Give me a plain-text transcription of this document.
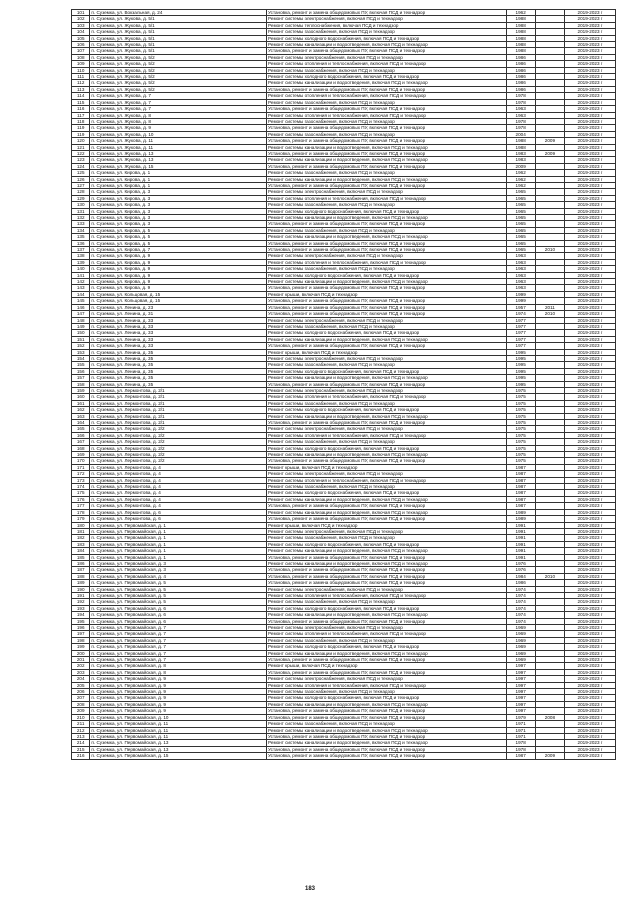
101	п. Суземка, ул. Вокзальная, д. 24	Установка, ремонт и замена общедомовых ПУ, включая ПСД и технадзор	1962		2019-2023 г
102	п. Суземка, ул. Жукова, д. 5/1	Ремонт системы электроснабжения, включая ПСД и технадзор	1988		2019-2023 г
103	п. Суземка, ул. Жукова, д. 5/1	Ремонт системы теплоснабжения, включая ПСД и технадзор	1988		2019-2023 г
104	п. Суземка, ул. Жукова, д. 5/1	Ремонт системы газоснабжения, включая ПСД и технадзор	1988		2019-2023 г
105	п. Суземка, ул. Жукова, д. 5/1	Ремонт системы холодного водоснабжения, включая ПСД и технадзор	1988		2019-2023 г
106	п. Суземка, ул. Жукова, д. 5/1	Ремонт системы канализации и водоотведения, включая ПСД и технадзор	1988		2019-2023 г
107	п. Суземка, ул. Жукова, д. 5/1	Установка, ремонт и замена общедомовых ПУ, включая ПСД и технадзор	1988		2019-2023 г
108	п. Суземка, ул. Жукова, д. 5/2	Ремонт системы электроснабжения, включая ПСД и технадзор	1986		2019-2023 г
109	п. Суземка, ул. Жукова, д. 5/2	Ремонт системы отопления и теплоснабжения, включая ПСД и технадзор	1986		2019-2023 г
110	п. Суземка, ул. Жукова, д. 5/2	Ремонт системы газоснабжения, включая ПСД и технадзор	1986		2019-2023 г
111	п. Суземка, ул. Жукова, д. 5/2	Ремонт системы холодного водоснабжения, включая ПСД и технадзор	1986		2019-2023 г
112	п. Суземка, ул. Жукова, д. 5/2	Ремонт системы канализации и водоотведения, включая ПСД и технадзор	1986		2019-2023 г
113	п. Суземка, ул. Жукова, д. 5/2	Установка, ремонт и замена общедомовых ПУ, включая ПСД и технадзор	1986		2019-2023 г
114	п. Суземка, ул. Жукова, д. 7	Ремонт системы отопления и теплоснабжения, включая ПСД и технадзор	1978		2019-2023 г
115	п. Суземка, ул. Жукова, д. 7	Ремонт системы газоснабжения, включая ПСД и технадзор	1978		2019-2023 г
116	п. Суземка, ул. Жукова, д. 7	Установка, ремонт и замена общедомовых ПУ, включая ПСД и технадзор	1963		2019-2023 г
117	п. Суземка, ул. Жукова, д. 8	Ремонт системы отопления и теплоснабжения, включая ПСД и технадзор	1963		2019-2023 г
118	п. Суземка, ул. Жукова, д. 8	Ремонт системы газоснабжения, включая ПСД и технадзор	1978		2019-2023 г
119	п. Суземка, ул. Жукова, д. 9	Установка, ремонт и замена общедомовых ПУ, включая ПСД и технадзор	1978		2019-2023 г
119	п. Суземка, ул. Жукова, д. 10	Ремонт системы газоснабжения, включая ПСД и технадзор	2004		2019-2023 г
120	п. Суземка, ул. Жукова, д. 11	Установка, ремонт и замена общедомовых ПУ, включая ПСД и технадзор	1988	2009	2019-2023 г
121	п. Суземка, ул. Жукова, д. 11	Ремонт системы канализации и водоотведения, включая ПСД и технадзор	1988		2019-2023 г
122	п. Суземка, ул. Жукова, д. 13	Установка, ремонт и замена общедомовых ПУ, включая ПСД и технадзор	1983	2009	2019-2023 г
123	п. Суземка, ул. Жукова, д. 13	Ремонт системы канализации и водоотведения, включая ПСД и технадзор	1983		2019-2023 г
124	п. Суземка, ул. Жукова, д. 15	Установка, ремонт и замена общедомовых ПУ, включая ПСД и технадзор	2009		2019-2023 г
125	п. Суземка, ул. Кирова, д. 1	Ремонт системы газоснабжения, включая ПСД и технадзор	1962		2019-2023 г
126	п. Суземка, ул. Кирова, д. 1	Ремонт системы канализации и водоотведения, включая ПСД и технадзор	1962		2019-2023 г
127	п. Суземка, ул. Кирова, д. 1	Установка, ремонт и замена общедомовых ПУ, включая ПСД и технадзор	1962		2019-2023 г
128	п. Суземка, ул. Кирова, д. 3	Ремонт системы электроснабжения, включая ПСД и технадзор	1965		2019-2023 г
129	п. Суземка, ул. Кирова, д. 3	Ремонт системы отопления и теплоснабжения, включая ПСД и технадзор	1965		2019-2023 г
130	п. Суземка, ул. Кирова, д. 3	Ремонт системы газоснабжения, включая ПСД и технадзор	1965		2019-2023 г
131	п. Суземка, ул. Кирова, д. 3	Ремонт системы холодного водоснабжения, включая ПСД и технадзор	1965		2019-2023 г
132	п. Суземка, ул. Кирова, д. 3	Ремонт системы канализации и водоотведения, включая ПСД и технадзор	1965		2019-2023 г
133	п. Суземка, ул. Кирова, д. 3	Установка, ремонт и замена общедомовых ПУ, включая ПСД и технадзор	1965		2019-2023 г
134	п. Суземка, ул. Кирова, д. 5	Ремонт системы газоснабжения, включая ПСД и технадзор	1965		2019-2023 г
135	п. Суземка, ул. Кирова, д. 5	Ремонт системы канализации и водоотведения, включая ПСД и технадзор	1965		2019-2023 г
136	п. Суземка, ул. Кирова, д. 5	Установка, ремонт и замена общедомовых ПУ, включая ПСД и технадзор	1965		2019-2023 г
137	п. Суземка, ул. Кирова, д. 7	Установка, ремонт и замена общедомовых ПУ, включая ПСД и технадзор	1965	2010	2019-2023 г
138	п. Суземка, ул. Кирова, д. 9	Ремонт системы электроснабжения, включая ПСД и технадзор	1963		2019-2023 г
139	п. Суземка, ул. Кирова, д. 9	Ремонт системы отопления и теплоснабжения, включая ПСД и технадзор	1963		2019-2023 г
140	п. Суземка, ул. Кирова, д. 9	Ремонт системы газоснабжения, включая ПСД и технадзор	1963		2019-2023 г
141	п. Суземка, ул. Кирова, д. 9	Ремонт системы холодного водоснабжения, включая ПСД и технадзор	1963		2019-2023 г
142	п. Суземка, ул. Кирова, д. 9	Ремонт системы канализации и водоотведения, включая ПСД и технадзор	1963		2019-2023 г
143	п. Суземка, ул. Кирова, д. 9	Установка, ремонт и замена общедомовых ПУ, включая ПСД и технадзор	1963		2019-2023 г
144	п. Суземка, ул. Кольцовая, д. 15	Ремонт крыши, включая ПСД и технадзор	1999		2019-2023 г
145	п. Суземка, ул. Кольцовая, д. 15	Установка, ремонт и замена общедомовых ПУ, включая ПСД и технадзор	1999		2019-2023 г
146	п. Суземка, ул. Ленина, д. 23	Установка, ремонт и замена общедомовых ПУ, включая ПСД и технадзор	1957	2011	2019-2023 г
147	п. Суземка, ул. Ленина, д. 31	Установка, ремонт и замена общедомовых ПУ, включая ПСД и технадзор	1974	2010	2019-2023 г
148	п. Суземка, ул. Ленина, д. 33	Ремонт системы электроснабжения, включая ПСД и технадзор	1977		2019-2023 г
149	п. Суземка, ул. Ленина, д. 33	Ремонт системы газоснабжения, включая ПСД и технадзор	1977		2019-2023 г
150	п. Суземка, ул. Ленина, д. 33	Ремонт системы холодного водоснабжения, включая ПСД и технадзор	1977		2019-2023 г
151	п. Суземка, ул. Ленина, д. 33	Ремонт системы канализации и водоотведения, включая ПСД и технадзор	1977		2019-2023 г
152	п. Суземка, ул. Ленина, д. 33	Установка, ремонт и замена общедомовых ПУ, включая ПСД и технадзор	1977		2019-2023 г
153	п. Суземка, ул. Ленина, д. 35	Ремонт крыши, включая ПСД и технадзор	1995		2019-2023 г
154	п. Суземка, ул. Ленина, д. 35	Ремонт системы электроснабжения, включая ПСД и технадзор	1995		2019-2023 г
155	п. Суземка, ул. Ленина, д. 35	Ремонт системы газоснабжения, включая ПСД и технадзор	1995		2019-2023 г
156	п. Суземка, ул. Ленина, д. 35	Ремонт системы холодного водоснабжения, включая ПСД и технадзор	1995		2019-2023 г
157	п. Суземка, ул. Ленина, д. 35	Ремонт системы канализации и водоотведения, включая ПСД и технадзор	1995		2019-2023 г
158	п. Суземка, ул. Ленина, д. 35	Установка, ремонт и замена общедомовых ПУ, включая ПСД и технадзор	1995		2019-2023 г
159	п. Суземка, ул. Лермонтова, д. 2/1	Ремонт системы электроснабжения, включая ПСД и технадзор	1975		2019-2023 г
160	п. Суземка, ул. Лермонтова, д. 2/1	Ремонт системы отопления и теплоснабжения, включая ПСД и технадзор	1975		2019-2023 г
161	п. Суземка, ул. Лермонтова, д. 2/1	Ремонт системы газоснабжения, включая ПСД и технадзор	1975		2019-2023 г
162	п. Суземка, ул. Лермонтова, д. 2/1	Ремонт системы холодного водоснабжения, включая ПСД и технадзор	1975		2019-2023 г
163	п. Суземка, ул. Лермонтова, д. 2/1	Ремонт системы канализации и водоотведения, включая ПСД и технадзор	1975		2019-2023 г
164	п. Суземка, ул. Лермонтова, д. 2/1	Установка, ремонт и замена общедомовых ПУ, включая ПСД и технадзор	1975		2019-2023 г
165	п. Суземка, ул. Лермонтова, д. 2/2	Ремонт системы электроснабжения, включая ПСД и технадзор	1975		2019-2023 г
166	п. Суземка, ул. Лермонтова, д. 2/2	Ремонт системы отопления и теплоснабжения, включая ПСД и технадзор	1975		2019-2023 г
167	п. Суземка, ул. Лермонтова, д. 2/2	Ремонт системы газоснабжения, включая ПСД и технадзор	1975		2019-2023 г
168	п. Суземка, ул. Лермонтова, д. 2/2	Ремонт системы холодного водоснабжения, включая ПСД и технадзор	1975		2019-2023 г
169	п. Суземка, ул. Лермонтова, д. 2/2	Ремонт системы канализации и водоотведения, включая ПСД и технадзор	1975		2019-2023 г
170	п. Суземка, ул. Лермонтова, д. 2/2	Установка, ремонт и замена общедомовых ПУ, включая ПСД и технадзор	1975		2019-2023 г
171	п. Суземка, ул. Лермонтова, д. 4	Ремонт крыши, включая ПСД и технадзор	1987		2019-2023 г
172	п. Суземка, ул. Лермонтова, д. 4	Ремонт системы электроснабжения, включая ПСД и технадзор	1987		2019-2023 г
173	п. Суземка, ул. Лермонтова, д. 4	Ремонт системы отопления и теплоснабжения, включая ПСД и технадзор	1987		2019-2023 г
174	п. Суземка, ул. Лермонтова, д. 4	Ремонт системы газоснабжения, включая ПСД и технадзор	1987		2019-2023 г
175	п. Суземка, ул. Лермонтова, д. 4	Ремонт системы холодного водоснабжения, включая ПСД и технадзор	1987		2019-2023 г
176	п. Суземка, ул. Лермонтова, д. 4	Ремонт системы канализации и водоотведения, включая ПСД и технадзор	1987		2019-2023 г
177	п. Суземка, ул. Лермонтова, д. 4	Установка, ремонт и замена общедомовых ПУ, включая ПСД и технадзор	1987		2019-2023 г
178	п. Суземка, ул. Лермонтова, д. 6	Ремонт системы канализации и водоотведения, включая ПСД и технадзор	1989		2019-2023 г
179	п. Суземка, ул. Лермонтова, д. 6	Установка, ремонт и замена общедомовых ПУ, включая ПСД и технадзор	1989		2019-2023 г
180	п. Суземка, ул. Первомайская, д. 1	Ремонт крыши, включая ПСД и технадзор	1991		2019-2023 г
181	п. Суземка, ул. Первомайская, д. 1	Ремонт системы электроснабжения, включая ПСД и технадзор	1991		2019-2023 г
182	п. Суземка, ул. Первомайская, д. 1	Ремонт системы газоснабжения, включая ПСД и технадзор	1991		2019-2023 г
183	п. Суземка, ул. Первомайская, д. 1	Ремонт системы холодного водоснабжения, включая ПСД и технадзор	1991		2019-2023 г
184	п. Суземка, ул. Первомайская, д. 1	Ремонт системы канализации и водоотведения, включая ПСД и технадзор	1991		2019-2023 г
185	п. Суземка, ул. Первомайская, д. 1	Установка, ремонт и замена общедомовых ПУ, включая ПСД и технадзор	1991		2019-2023 г
186	п. Суземка, ул. Первомайская, д. 3	Ремонт системы канализации и водоотведения, включая ПСД и технадзор	1976		2019-2023 г
187	п. Суземка, ул. Первомайская, д. 3	Установка, ремонт и замена общедомовых ПУ, включая ПСД и технадзор	1976		2019-2023 г
188	п. Суземка, ул. Первомайская, д. 4	Установка, ремонт и замена общедомовых ПУ, включая ПСД и технадзор	1984	2010	2019-2023 г
189	п. Суземка, ул. Первомайская, д. 5	Установка, ремонт и замена общедомовых ПУ, включая ПСД и технадзор	1986		2019-2023 г
190	п. Суземка, ул. Первомайская, д. 5	Ремонт системы электроснабжения, включая ПСД и технадзор	1974		2019-2023 г
191	п. Суземка, ул. Первомайская, д. 5	Ремонт системы отопления и теплоснабжения, включая ПСД и технадзор	1974		2019-2023 г
192	п. Суземка, ул. Первомайская, д. 5	Ремонт системы газоснабжения, включая ПСД и технадзор	1974		2019-2023 г
193	п. Суземка, ул. Первомайская, д. 6	Ремонт системы холодного водоснабжения, включая ПСД и технадзор	1974		2019-2023 г
194	п. Суземка, ул. Первомайская, д. 6	Ремонт системы канализации и водоотведения, включая ПСД и технадзор	1974		2019-2023 г
195	п. Суземка, ул. Первомайская, д. 6	Установка, ремонт и замена общедомовых ПУ, включая ПСД и технадзор	1974		2019-2023 г
196	п. Суземка, ул. Первомайская, д. 7	Ремонт системы электроснабжения, включая ПСД и технадзор	1969		2019-2023 г
197	п. Суземка, ул. Первомайская, д. 7	Ремонт системы отопления и теплоснабжения, включая ПСД и технадзор	1969		2019-2023 г
198	п. Суземка, ул. Первомайская, д. 7	Ремонт системы газоснабжения, включая ПСД и технадзор	1969		2019-2023 г
199	п. Суземка, ул. Первомайская, д. 7	Ремонт системы холодного водоснабжения, включая ПСД и технадзор	1969		2019-2023 г
200	п. Суземка, ул. Первомайская, д. 7	Ремонт системы канализации и водоотведения, включая ПСД и технадзор	1969		2019-2023 г
201	п. Суземка, ул. Первомайская, д. 7	Установка, ремонт и замена общедомовых ПУ, включая ПСД и технадзор	1969		2019-2023 г
202	п. Суземка, ул. Первомайская, д. 8	Ремонт крыши, включая ПСД и технадзор	1997		2019-2023 г
203	п. Суземка, ул. Первомайская, д. 8	Установка, ремонт и замена общедомовых ПУ, включая ПСД и технадзор	1997		2019-2023 г
204	п. Суземка, ул. Первомайская, д. 9	Ремонт системы электроснабжения, включая ПСД и технадзор	1997		2019-2023 г
205	п. Суземка, ул. Первомайская, д. 9	Ремонт системы отопления и теплоснабжения, включая ПСД и технадзор	1997		2019-2023 г
206	п. Суземка, ул. Первомайская, д. 9	Ремонт системы газоснабжения, включая ПСД и технадзор	1997		2019-2023 г
207	п. Суземка, ул. Первомайская, д. 9	Ремонт системы холодного водоснабжения, включая ПСД и технадзор	1997		2019-2023 г
208	п. Суземка, ул. Первомайская, д. 9	Ремонт системы канализации и водоотведения, включая ПСД и технадзор	1997		2019-2023 г
209	п. Суземка, ул. Первомайская, д. 9	Установка, ремонт и замена общедомовых ПУ, включая ПСД и технадзор	1997		2019-2023 г
210	п. Суземка, ул. Первомайская, д. 10	Установка, ремонт и замена общедомовых ПУ, включая ПСД и технадзор	1979	2008	2019-2023 г
211	п. Суземка, ул. Первомайская, д. 11	Ремонт системы газоснабжения, включая ПСД и технадзор	1971		2019-2023 г
212	п. Суземка, ул. Первомайская, д. 11	Ремонт системы канализации и водоотведения, включая ПСД и технадзор	1971		2019-2023 г
213	п. Суземка, ул. Первомайская, д. 11	Установка, ремонт и замена общедомовых ПУ, включая ПСД и технадзор	1971		2019-2023 г
214	п. Суземка, ул. Первомайская, д. 13	Ремонт системы канализации и водоотведения, включая ПСД и технадзор	1978		2019-2023 г
215	п. Суземка, ул. Первомайская, д. 13	Установка, ремонт и замена общедомовых ПУ, включая ПСД и технадзор	1978		2019-2023 г
216	п. Суземка, ул. Первомайская, д. 15	Установка, ремонт и замена общедомовых ПУ, включая ПСД и технадзор	1987	2009	2019-2023 г
183
